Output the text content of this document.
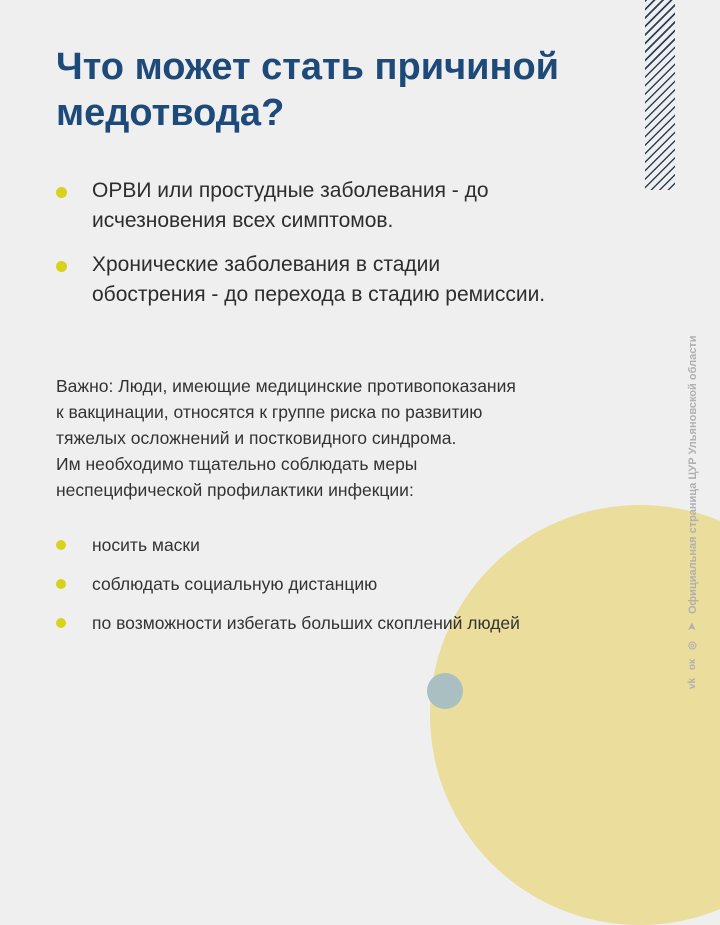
Что может стать причиной медотвода?
ОРВИ или простудные заболевания - до исчезновения всех симптомов.
Хронические заболевания в стадии обострения - до перехода в стадию ремиссии.
Важно: Люди, имеющие медицинские противопоказания
к вакцинации, относятся к группе риска по развитию
тяжелых осложнений и постковидного синдрома.
Им необходимо тщательно соблюдать меры
неспецифической профилактики инфекции:
носить маски
соблюдать социальную дистанцию
по возможности избегать больших скоплений людей
vk
ок
◎
➤
Официальная страница ЦУР Ульяновской области
